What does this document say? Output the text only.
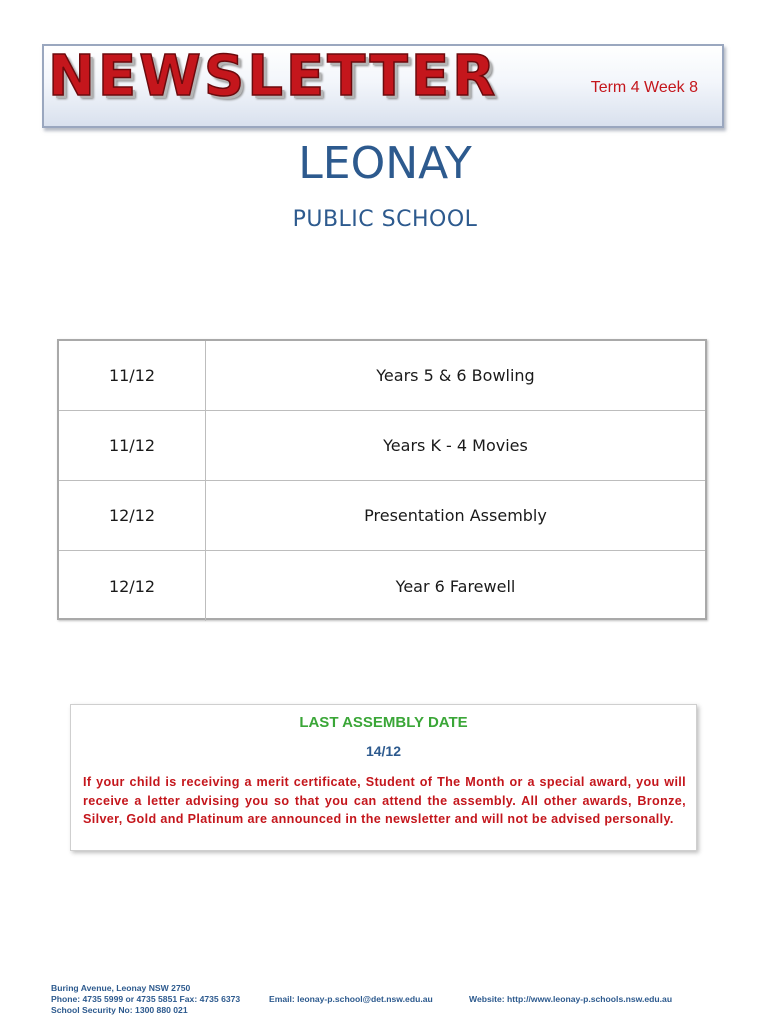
NEWSLETTER	Term 4 Week 8
LEONAY
PUBLIC SCHOOL
11/12	Years 5 & 6 Bowling
11/12	Years K - 4 Movies
12/12	Presentation Assembly
12/12	Year 6 Farewell
LAST ASSEMBLY DATE
14/12
If your child is receiving a merit certificate, Student of The Month or a special award, you will receive a letter advising you so that you can attend the assembly. All other awards, Bronze, Silver, Gold and Platinum are announced in the newsletter and will not be advised personally.
Buring Avenue, Leonay NSW 2750
Phone: 4735 5999 or 4735 5851 Fax: 4735 6373
School Security No: 1300 880 021
Email: leonay-p.school@det.nsw.edu.au	Website: http://www.leonay-p.schools.nsw.edu.au
